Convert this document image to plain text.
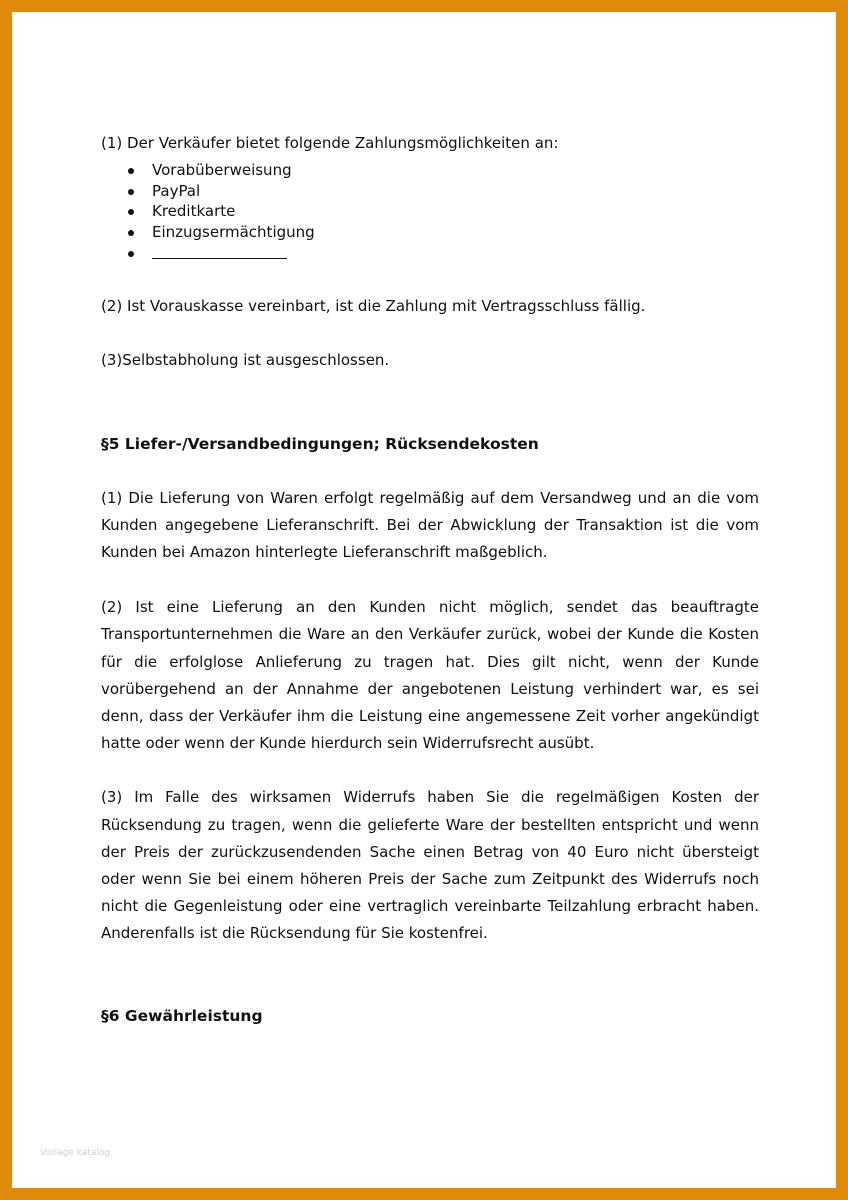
(1) Der Verkäufer bietet folgende Zahlungsmöglichkeiten an:

Vorabüberweisung
PayPal
Kreditkarte
Einzugsermächtigung

(2) Ist Vorauskasse vereinbart, ist die Zahlung mit Vertragsschluss fällig.

(3)Selbstabholung ist ausgeschlossen.

§5 Liefer-/Versandbedingungen; Rücksendekosten

(1) Die Lieferung von Waren erfolgt regelmäßig auf dem Versandweg und an die vom Kunden angegebene Lieferanschrift. Bei der Abwicklung der Transaktion ist die vom Kunden bei Amazon hinterlegte Lieferanschrift maßgeblich.

(2) Ist eine Lieferung an den Kunden nicht möglich, sendet das beauftragte Transportunternehmen die Ware an den Verkäufer zurück, wobei der Kunde die Kosten für die erfolglose Anlieferung zu tragen hat. Dies gilt nicht, wenn der Kunde vorübergehend an der Annahme der angebotenen Leistung verhindert war, es sei denn, dass der Verkäufer ihm die Leistung eine angemessene Zeit vorher angekündigt hatte oder wenn der Kunde hierdurch sein Widerrufsrecht ausübt.

(3) Im Falle des wirksamen Widerrufs haben Sie die regelmäßigen Kosten der Rücksendung zu tragen, wenn die gelieferte Ware der bestellten entspricht und wenn der Preis der zurückzusendenden Sache einen Betrag von 40 Euro nicht übersteigt oder wenn Sie bei einem höheren Preis der Sache zum Zeitpunkt des Widerrufs noch nicht die Gegenleistung oder eine vertraglich vereinbarte Teilzahlung erbracht haben. Anderenfalls ist die Rücksendung für Sie kostenfrei.

§6 Gewährleistung
Vorlage katalog
